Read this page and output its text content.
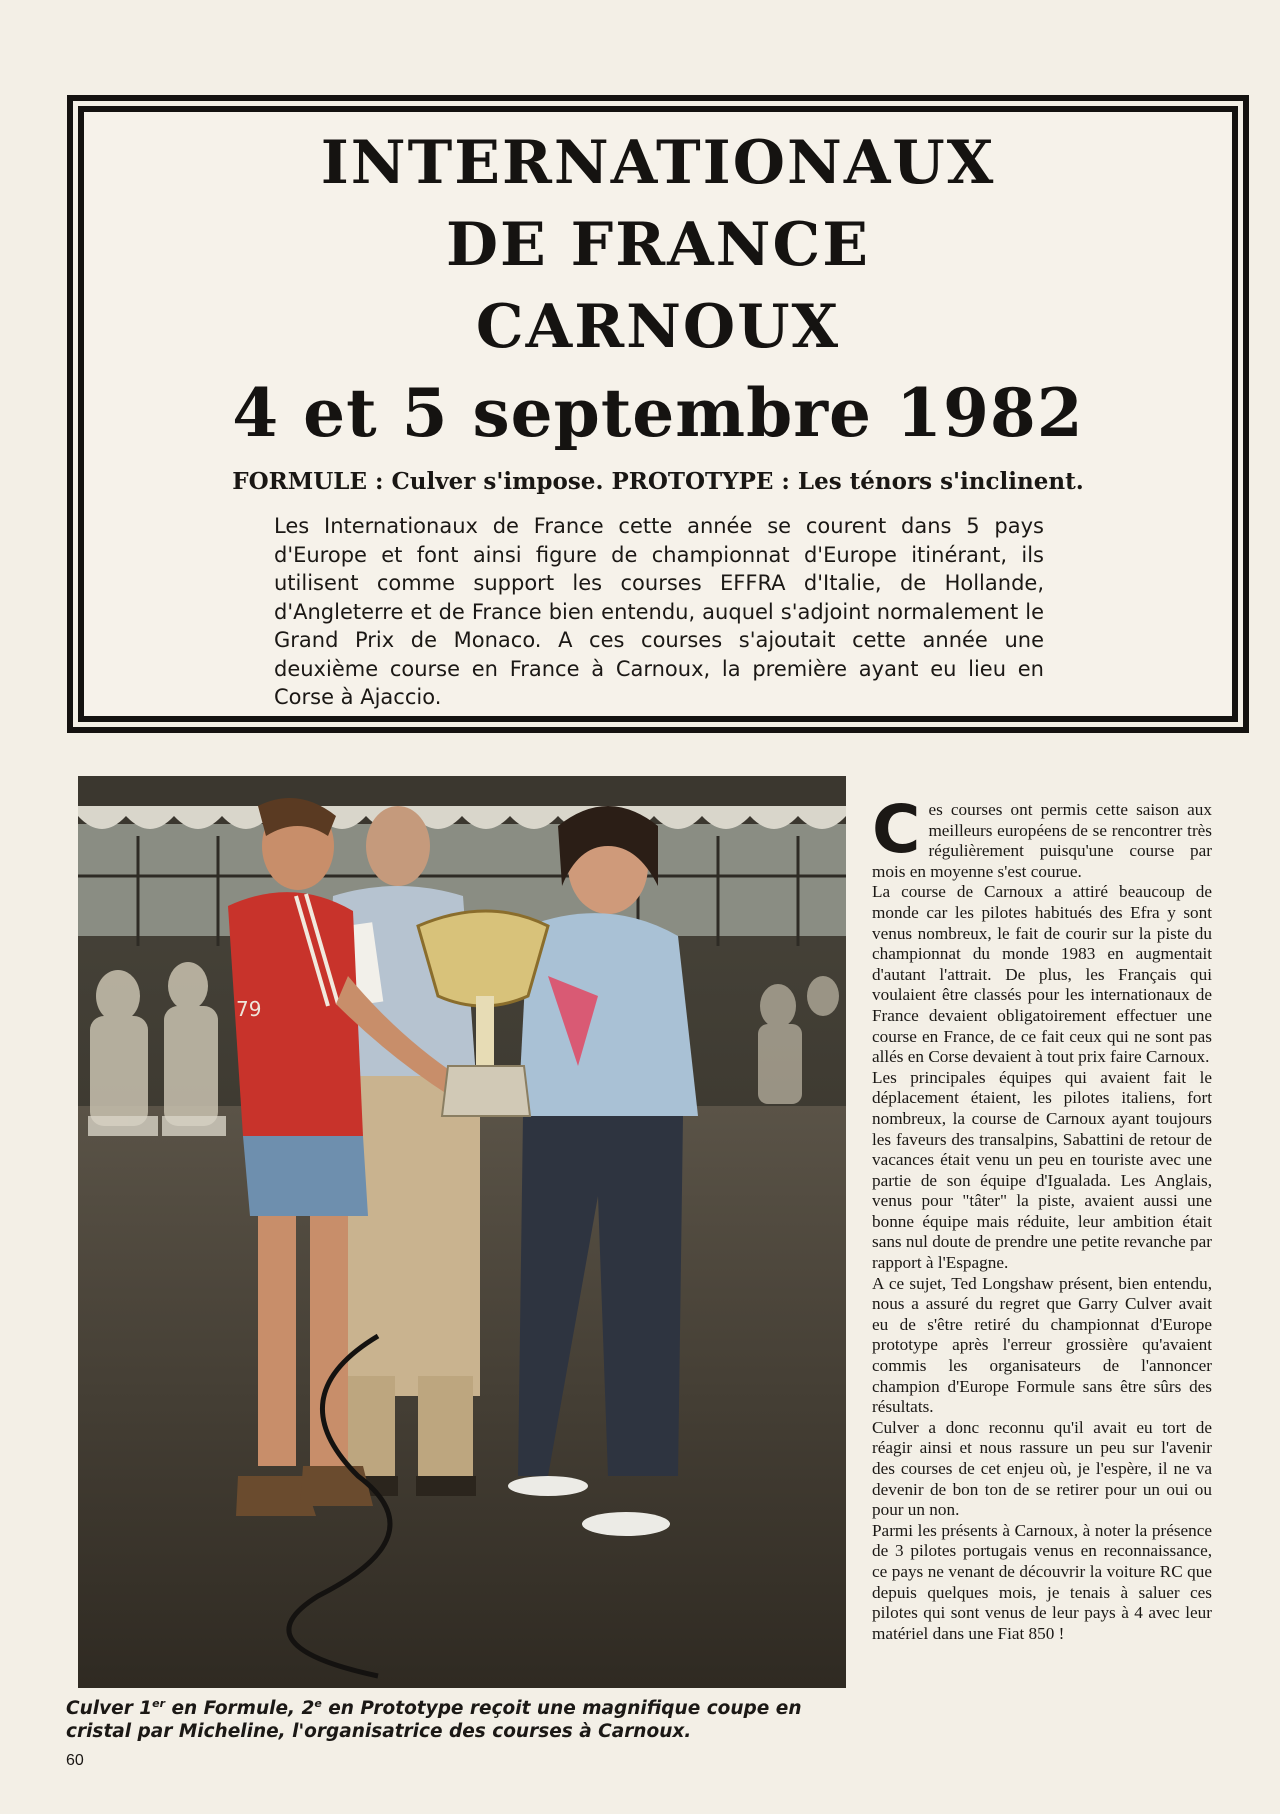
INTERNATIONAUX
DE FRANCE
CARNOUX
4 et 5 septembre 1982
FORMULE : Culver s'impose. PROTOTYPE : Les ténors s'inclinent.
Les Internationaux de France cette année se courent dans 5 pays d'Europe et font ainsi figure de championnat d'Europe itinérant, ils utilisent comme support les courses EFFRA d'Italie, de Hollande, d'Angleterre et de France bien entendu, auquel s'adjoint normalement le Grand Prix de Monaco. A ces courses s'ajoutait cette année une deuxième course en France à Carnoux, la première ayant eu lieu en Corse à Ajaccio.
79
Culver 1er en Formule, 2e en Prototype reçoit une magnifique coupe en cristal par Micheline, l'organisatrice des courses à Carnoux.

Ces courses ont permis cette saison aux meilleurs européens de se rencontrer très régulièrement puisqu'une course par mois en moyenne s'est courue.

La course de Carnoux a attiré beaucoup de monde car les pilotes habitués des Efra y sont venus nombreux, le fait de courir sur la piste du championnat du monde 1983 en augmentait d'autant l'attrait. De plus, les Français qui voulaient être classés pour les internationaux de France devaient obligatoirement effectuer une course en France, de ce fait ceux qui ne sont pas allés en Corse devaient à tout prix faire Carnoux.

Les principales équipes qui avaient fait le déplacement étaient, les pilotes italiens, fort nombreux, la course de Carnoux ayant toujours les faveurs des transalpins, Sabattini de retour de vacances était venu un peu en touriste avec une partie de son équipe d'Igualada. Les Anglais, venus pour "tâter" la piste, avaient aussi une bonne équipe mais réduite, leur ambition était sans nul doute de prendre une petite revanche par rapport à l'Espagne.

A ce sujet, Ted Longshaw présent, bien entendu, nous a assuré du regret que Garry Culver avait eu de s'être retiré du championnat d'Europe prototype après l'erreur grossière qu'avaient commis les organisateurs de l'annoncer champion d'Europe Formule sans être sûrs des résultats.

Culver a donc reconnu qu'il avait eu tort de réagir ainsi et nous rassure un peu sur l'avenir des courses de cet enjeu où, je l'espère, il ne va devenir de bon ton de se retirer pour un oui ou pour un non.

Parmi les présents à Carnoux, à noter la présence de 3 pilotes portugais venus en reconnaissance, ce pays ne venant de découvrir la voiture RC que depuis quelques mois, je tenais à saluer ces pilotes qui sont venus de leur pays à 4 avec leur matériel dans une Fiat 850 !

60
